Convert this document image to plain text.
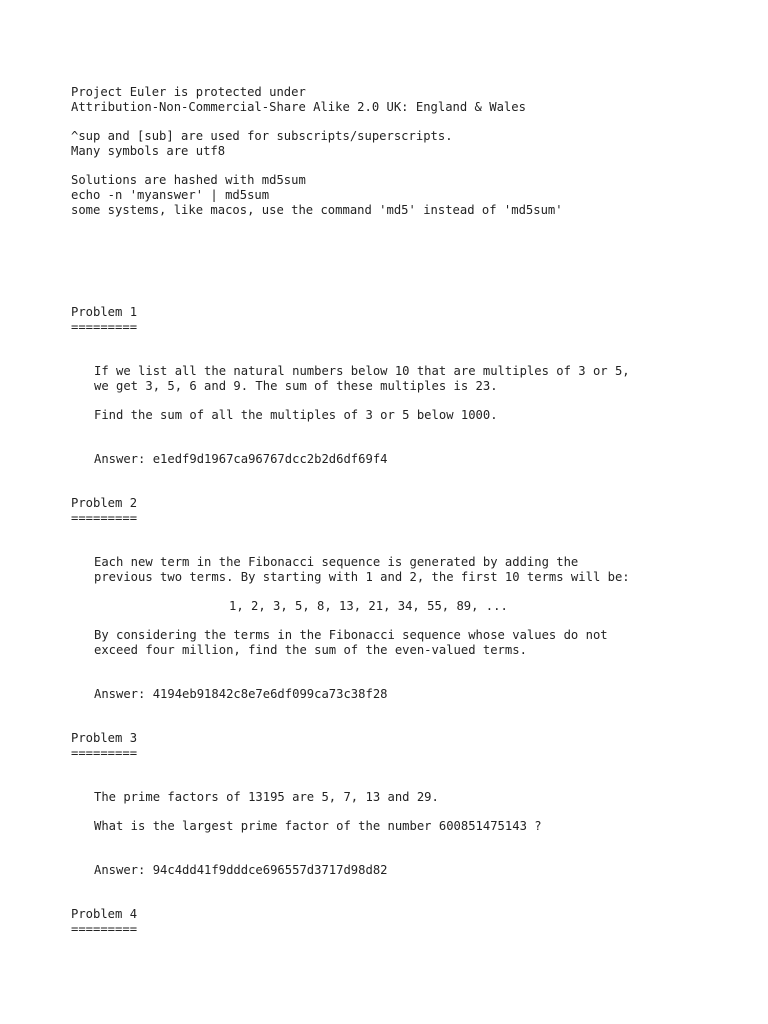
Project Euler is protected under
Attribution-Non-Commercial-Share Alike 2.0 UK: England & Wales
^sup and [sub] are used for subscripts/superscripts.
Many symbols are utf8
Solutions are hashed with md5sum
echo -n 'myanswer' | md5sum
some systems, like macos, use the command 'md5' instead of 'md5sum'
Problem 1
=========
If we list all the natural numbers below 10 that are multiples of 3 or 5,
we get 3, 5, 6 and 9. The sum of these multiples is 23.
Find the sum of all the multiples of 3 or 5 below 1000.
Answer: e1edf9d1967ca96767dcc2b2d6df69f4
Problem 2
=========
Each new term in the Fibonacci sequence is generated by adding the
previous two terms. By starting with 1 and 2, the first 10 terms will be:
1, 2, 3, 5, 8, 13, 21, 34, 55, 89, ...
By considering the terms in the Fibonacci sequence whose values do not
exceed four million, find the sum of the even-valued terms.
Answer: 4194eb91842c8e7e6df099ca73c38f28
Problem 3
=========
The prime factors of 13195 are 5, 7, 13 and 29.
What is the largest prime factor of the number 600851475143 ?
Answer: 94c4dd41f9dddce696557d3717d98d82
Problem 4
=========
